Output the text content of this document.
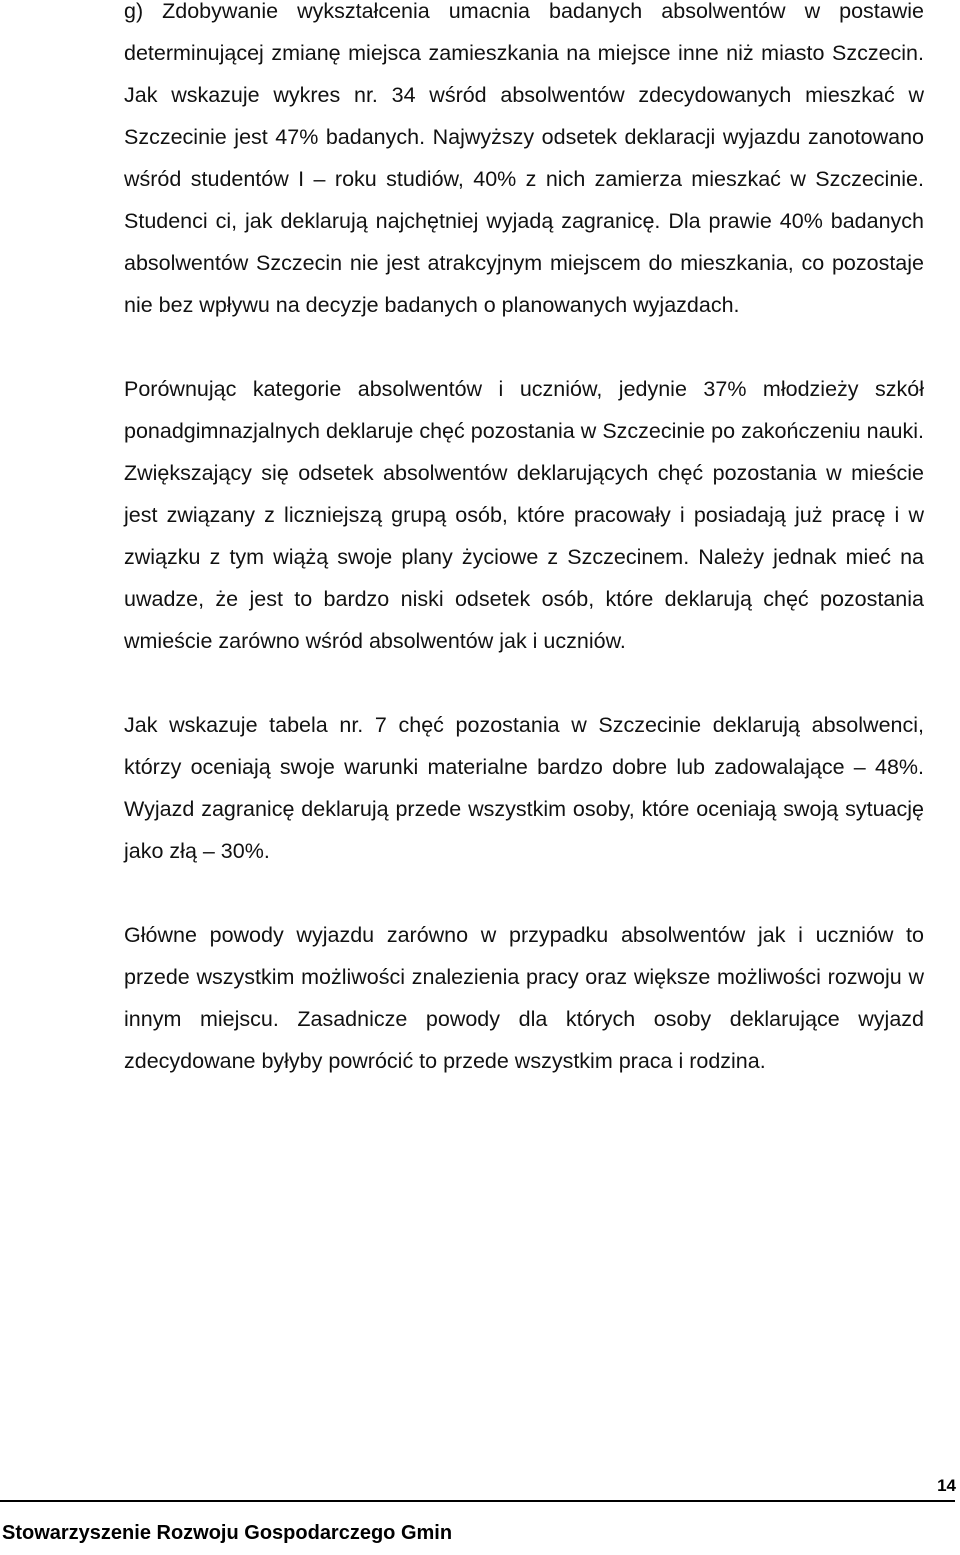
g) Zdobywanie wykształcenia umacnia badanych absolwentów w postawie determinującej zmianę miejsca zamieszkania na miejsce inne niż miasto Szczecin. Jak wskazuje wykres nr. 34 wśród absolwentów zdecydowanych mieszkać w Szczecinie jest 47% badanych. Najwyższy odsetek deklaracji wyjazdu zanotowano wśród studentów I – roku studiów, 40% z nich zamierza mieszkać w Szczecinie. Studenci ci, jak deklarują najchętniej wyjadą zagranicę. Dla prawie 40% badanych absolwentów Szczecin nie jest atrakcyjnym miejscem do mieszkania, co pozostaje nie bez wpływu na decyzje badanych o planowanych wyjazdach.

Porównując kategorie absolwentów i uczniów, jedynie 37% młodzieży szkół ponadgimnazjalnych deklaruje chęć pozostania w Szczecinie po zakończeniu nauki. Zwiększający się odsetek absolwentów deklarujących chęć pozostania w mieście jest związany z liczniejszą grupą osób, które pracowały i posiadają już pracę i w związku z tym wiążą swoje plany życiowe z Szczecinem. Należy jednak mieć na uwadze, że jest to bardzo niski odsetek osób, które deklarują chęć pozostania wmieście zarówno wśród absolwentów jak i uczniów.

Jak wskazuje tabela nr. 7 chęć pozostania w Szczecinie deklarują absolwenci, którzy oceniają swoje warunki materialne bardzo dobre lub zadowalające – 48%. Wyjazd zagranicę deklarują przede wszystkim osoby, które oceniają swoją sytuację jako złą – 30%.

Główne powody wyjazdu zarówno w przypadku absolwentów jak i uczniów to przede wszystkim możliwości znalezienia pracy oraz większe możliwości rozwoju w innym miejscu. Zasadnicze powody dla których osoby deklarujące wyjazd zdecydowane byłyby powrócić to przede wszystkim praca i rodzina.

14
Stowarzyszenie Rozwoju Gospodarczego Gmin
